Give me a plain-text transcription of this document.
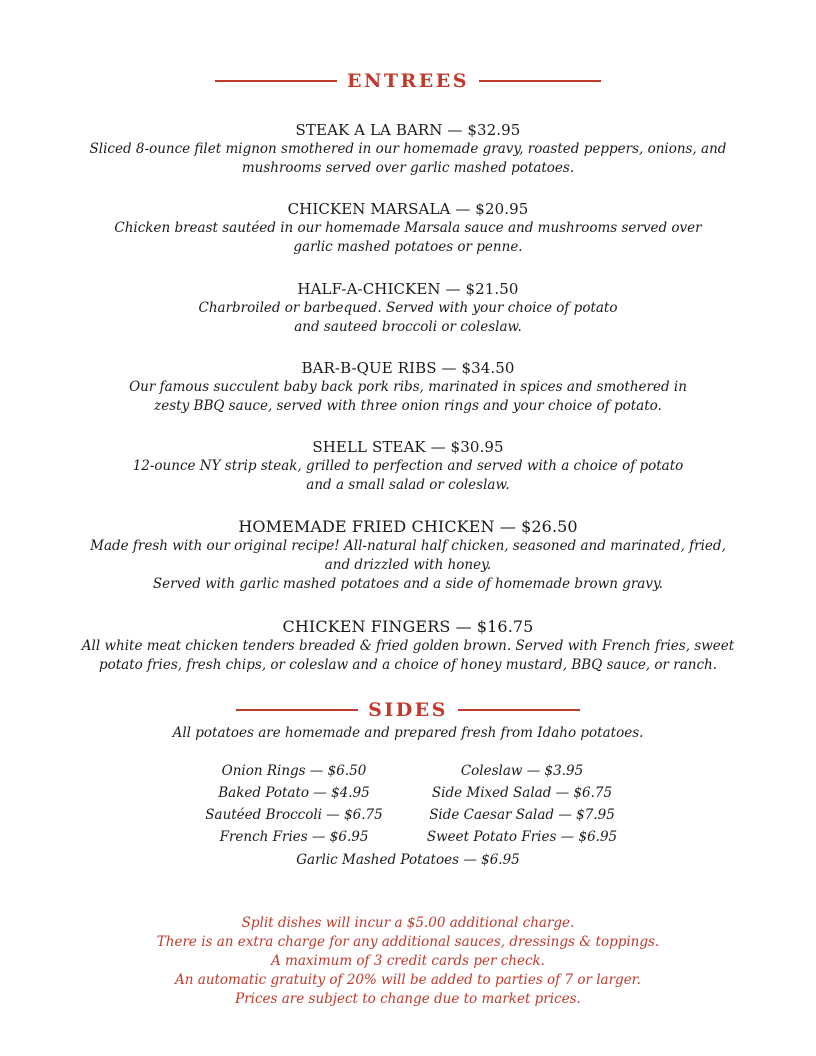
ENTREES
STEAK A LA BARN — $32.95
Sliced 8-ounce filet mignon smothered in our homemade gravy, roasted peppers, onions, and
mushrooms served over garlic mashed potatoes.
CHICKEN MARSALA — $20.95
Chicken breast sautéed in our homemade Marsala sauce and mushrooms served over
garlic mashed potatoes or penne.
HALF-A-CHICKEN — $21.50
Charbroiled or barbequed. Served with your choice of potato
and sauteed broccoli or coleslaw.
BAR-B-QUE RIBS — $34.50
Our famous succulent baby back pork ribs, marinated in spices and smothered in
zesty BBQ sauce, served with three onion rings and your choice of potato.
SHELL STEAK — $30.95
12-ounce NY strip steak, grilled to perfection and served with a choice of potato
and a small salad or coleslaw.
HOMEMADE FRIED CHICKEN — $26.50
Made fresh with our original recipe! All-natural half chicken, seasoned and marinated, fried,
and drizzled with honey.
Served with garlic mashed potatoes and a side of homemade brown gravy.
CHICKEN FINGERS — $16.75
All white meat chicken tenders breaded & fried golden brown. Served with French fries, sweet
potato fries, fresh chips, or coleslaw and a choice of honey mustard, BBQ sauce, or ranch.
SIDES
All potatoes are homemade and prepared fresh from Idaho potatoes.
Onion Rings — $6.50	Coleslaw — $3.95
Baked Potato — $4.95	Side Mixed Salad — $6.75
Sautéed Broccoli — $6.75	Side Caesar Salad — $7.95
French Fries — $6.95	Sweet Potato Fries — $6.95
Garlic Mashed Potatoes — $6.95
Split dishes will incur a $5.00 additional charge.
There is an extra charge for any additional sauces, dressings & toppings.
A maximum of 3 credit cards per check.
An automatic gratuity of 20% will be added to parties of 7 or larger.
Prices are subject to change due to market prices.
